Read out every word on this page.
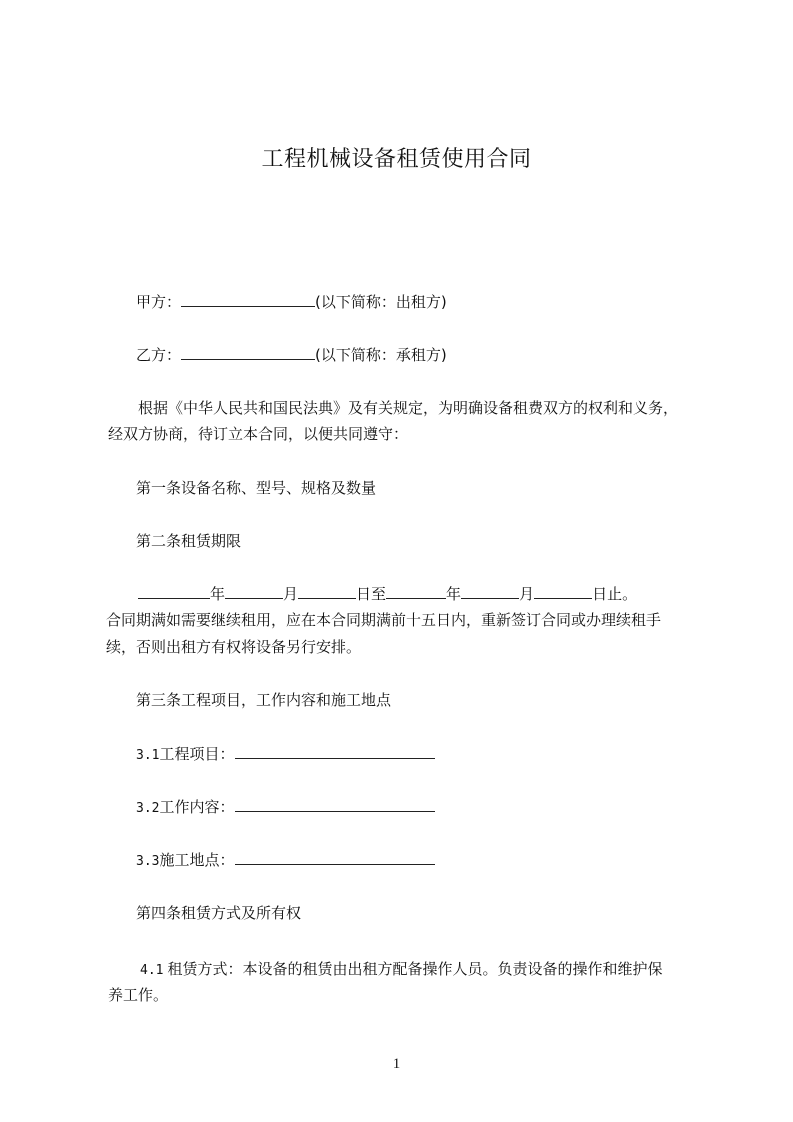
工程机械设备租赁使用合同
甲方：	(以下简称：出租方)
乙方：	(以下简称：承租方)
根据《中华人民共和国民法典》及有关规定，为明确设备租费双方的权利和义务，
经双方协商，待订立本合同，以便共同遵守：
第一条设备名称、型号、规格及数量
第二条租赁期限
年	月	日至	年	月	日止。
合同期满如需要继续租用，应在本合同期满前十五日内，重新签订合同或办理续租手
续，否则出租方有权将设备另行安排。
第三条工程项目，工作内容和施工地点
3.1工程项目：
3.2工作内容：
3.3施工地点：
第四条租赁方式及所有权
4.1 租赁方式：本设备的租赁由出租方配备操作人员。负责设备的操作和维护保
养工作。
1
